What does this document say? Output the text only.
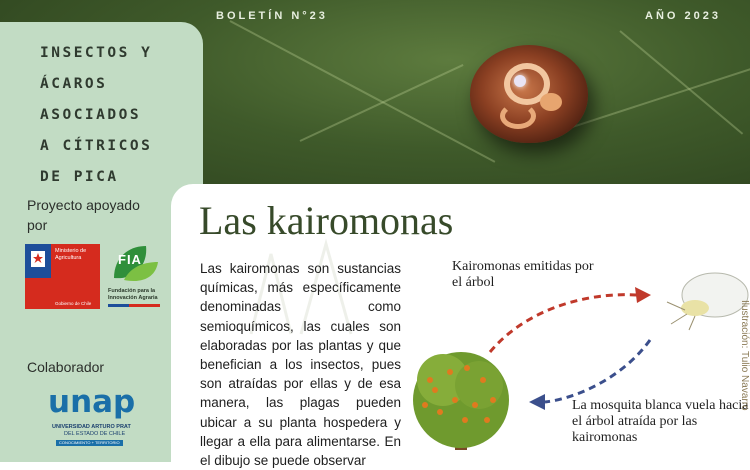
BOLETÍN N°23	AÑO 2023
INSECTOS Y ÁCAROS ASOCIADOS A CÍTRICOS DE PICA
Proyecto apoyado por
Ministerio de
Agricultura
Gobierno de Chile
FIA
Fundación para la
Innovación Agraria
Colaborador
unap
UNIVERSIDAD ARTURO PRAT
DEL ESTADO DE CHILE
CONOCIMIENTO + TERRITORIO
Las kairomonas
Las kairomonas son sustancias químicas, más específicamente denominadas como semioquímicos, las cuales son elaboradas por las plantas y que benefician a los insectos, pues son atraídas por ellas y de esa manera, las plagas pueden ubicar a su planta hospedera y llegar a ella para alimentarse. En el dibujo se puede observar
Kairomonas emitidas por el árbol
La mosquita blanca vuela hacia el árbol atraída por las kairomonas
Ilustración: Tulio Navarro
